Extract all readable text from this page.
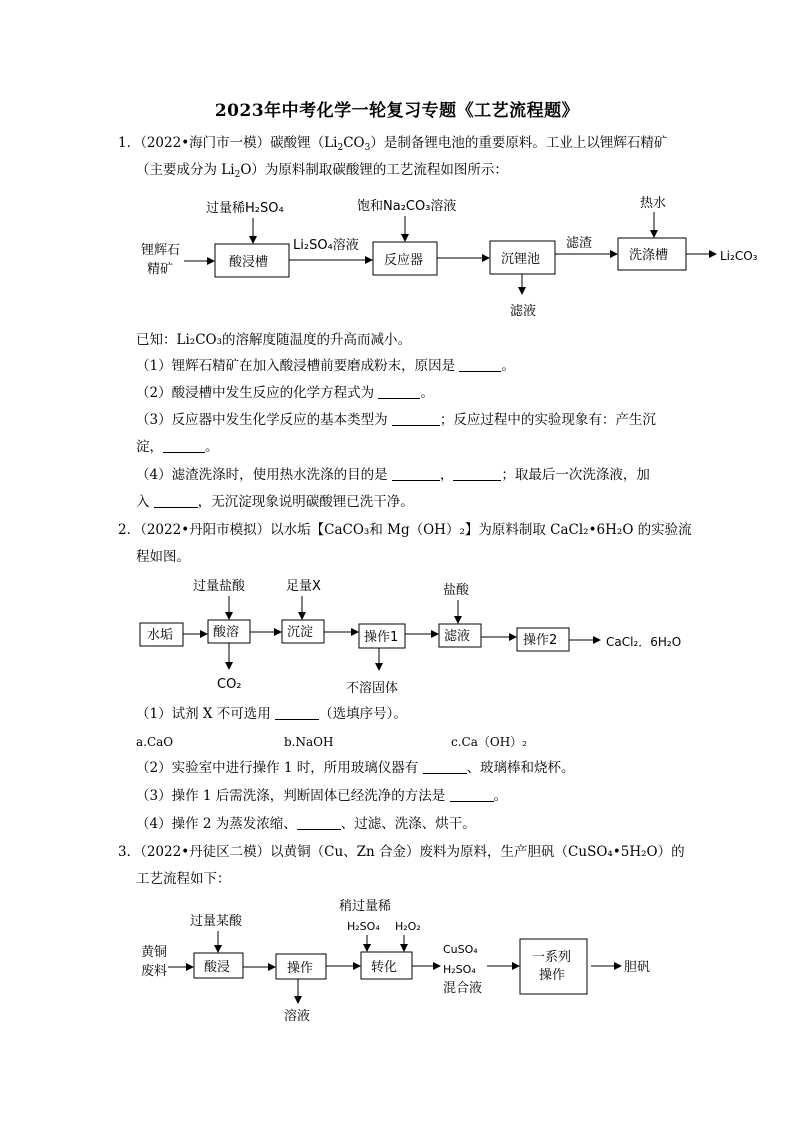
2023年中考化学一轮复习专题《工艺流程题》
1．（2022•海门市一模）碳酸锂$(Li_2CO_3)$是制备锂电池的重要原料。工业上以锂辉石精矿
（主要成分为 $Li_2O$）为原料制取碳酸锂的工艺流程如图所示：
锂辉石
精矿
过量稀H₂SO₄
酸浸槽
Li₂SO₄溶液
饱和Na₂CO₃溶液
反应器	沉锂池
滤液
滤渣
热水
洗涤槽	Li₂CO₃
已知：Li₂CO₃的溶解度随温度的升高而减小。
（1）锂辉石精矿在加入酸浸槽前要磨成粉末，原因是	。
（2）酸浸槽中发生反应的化学方程式为	。
（3）反应器中发生化学反应的基本类型为	；反应过程中的实验现象有：产生沉
淀，	。
（4）滤渣洗涤时，使用热水洗涤的目的是	，	；取最后一次洗涤液，加
入	，无沉淀现象说明碳酸锂已洗干净。
2．（2022•丹阳市模拟）以水垢【CaCO₃和 Mg（OH）₂】为原料制取 CaCl₂•6H₂O 的实验流
程如图。
水垢
过量盐酸
酸溶
CO₂
足量X
沉淀	操作1
不溶固体
盐酸
滤液	操作2	CaCl₂．6H₂O
（1）试剂 X 不可选用	（选填序号）。
a.CaO	b.NaOH	c.Ca（OH）₂
（2）实验室中进行操作 1 时，所用玻璃仪器有	、玻璃棒和烧杯。
（3）操作 1 后需洗涤，判断固体已经洗净的方法是	。
（4）操作 2 为蒸发浓缩、	、过滤、洗涤、烘干。
3．（2022•丹徒区二模）以黄铜（Cu、Zn 合金）废料为原料，生产胆矾（CuSO₄•5H₂O）的
工艺流程如下：
黄铜
废料
过量某酸
酸浸	操作
溶液
稍过量稀
H₂SO₄ H₂O₂
转化
CuSO₄
H₂SO₄
混合液
一系列
操作
胆矾
